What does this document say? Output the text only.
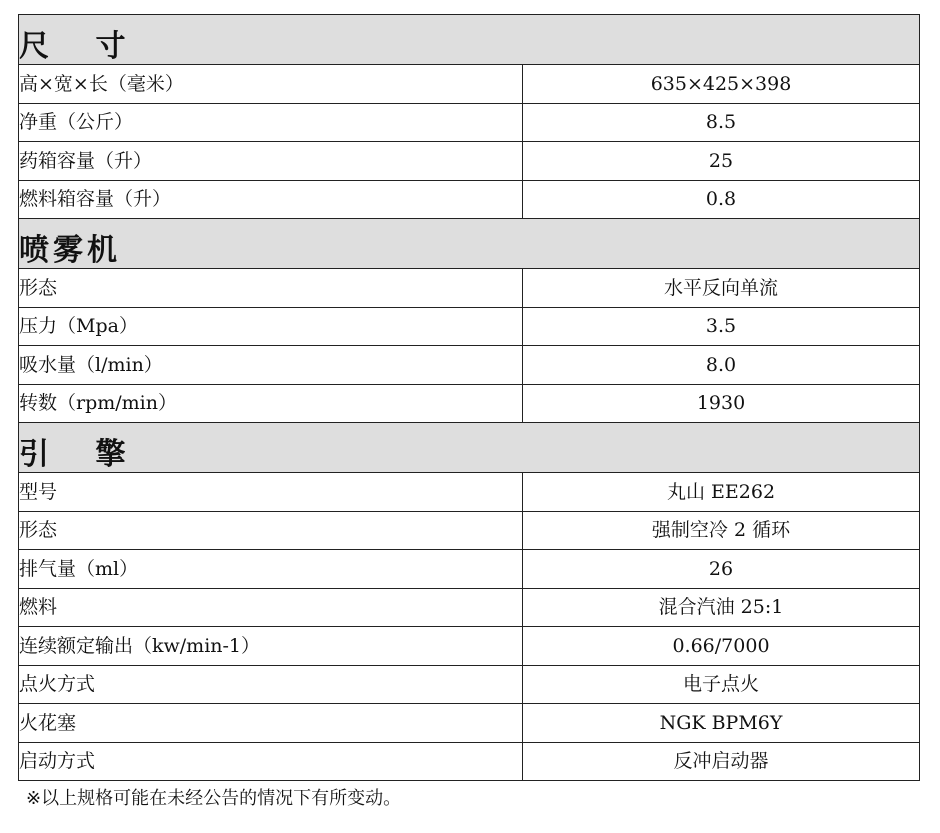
尺 寸	
高×宽×长（毫米）	635×425×398
净重（公斤）	8.5
药箱容量（升）	25
燃料箱容量（升）	0.8
喷雾机	
形态	水平反向单流
压力（Mpa）	3.5
吸水量（l/min）	8.0
转数（rpm/min）	1930
引 擎	
型号	丸山 EE262
形态	强制空冷 2 循环
排气量（ml）	26
燃料	混合汽油 25:1
连续额定输出（kw/min-1）	0.66/7000
点火方式	电子点火
火花塞	NGK BPM6Y
启动方式	反冲启动器
※以上规格可能在未经公告的情况下有所变动。
